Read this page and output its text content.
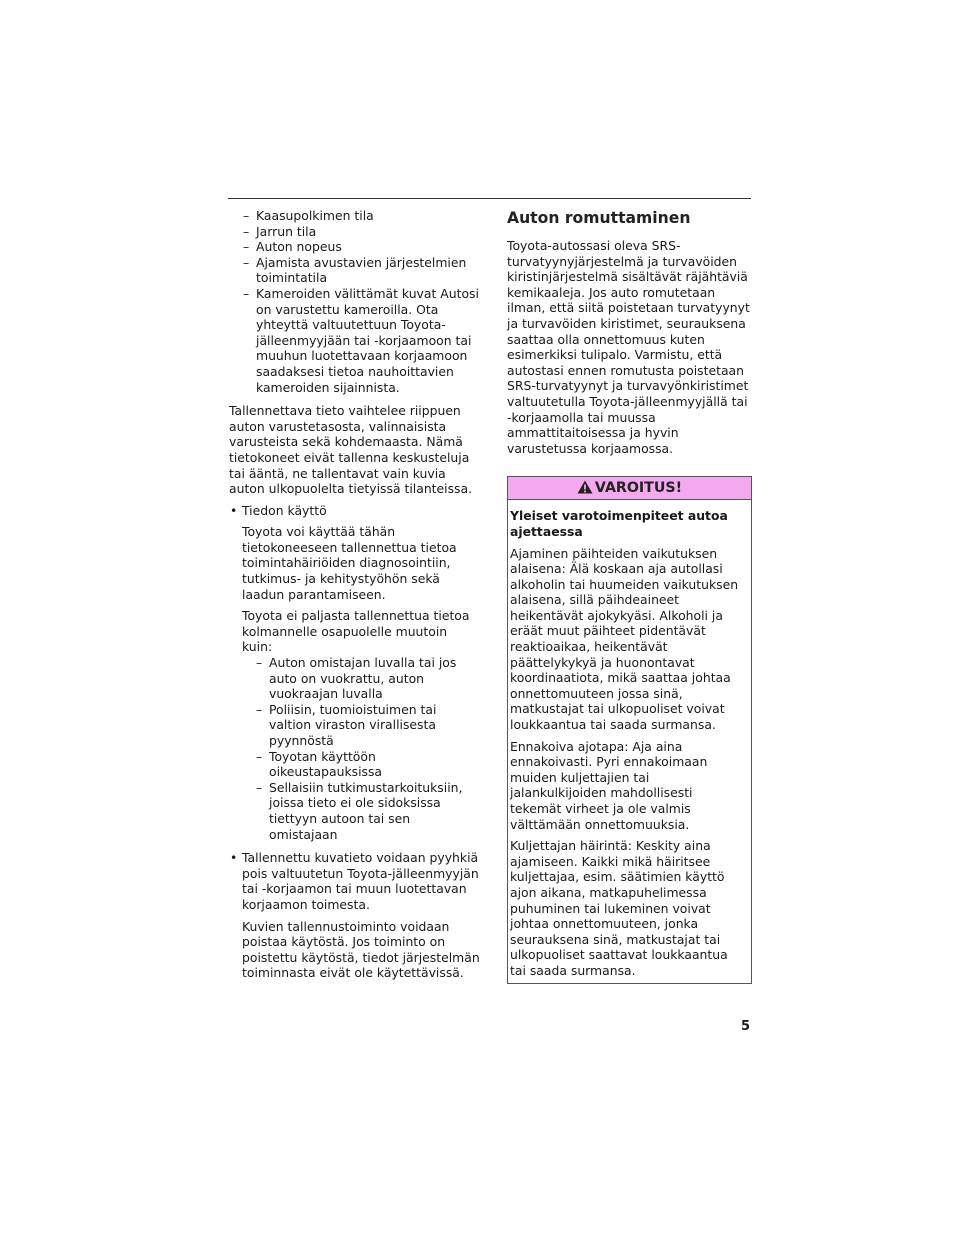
– Kaasupolkimen tila
– Jarrun tila
– Auton nopeus
– Ajamista avustavien järjestelmien toimintatila
– Kameroiden välittämät kuvat Autosi on varustettu kameroilla. Ota yhteyttä valtuutettuun Toyota-jälleenmyyjään tai -korjaamoon tai muuhun luotettavaan korjaamoon saadaksesi tietoa nauhoittavien kameroiden sijainnista.
Tallennettava tieto vaihtelee riippuen auton varustetasosta, valinnaisista varusteista sekä kohdemaasta. Nämä tietokoneet eivät tallenna keskusteluja tai ääntä, ne tallentavat vain kuvia auton ulkopuolelta tietyissä tilanteissa.
• Tiedon käyttö
Toyota voi käyttää tähän tietokoneeseen tallennettua tietoa toimintahäiriöiden diagnosointiin, tutkimus- ja kehitystyöhön sekä laadun parantamiseen.
Toyota ei paljasta tallennettua tietoa kolmannelle osapuolelle muutoin kuin:
– Auton omistajan luvalla tai jos auto on vuokrattu, auton vuokraajan luvalla
– Poliisin, tuomioistuimen tai valtion viraston virallisesta pyynnöstä
– Toyotan käyttöön oikeustapauksissa
– Sellaisiin tutkimustarkoituksiin, joissa tieto ei ole sidoksissa tiettyyn autoon tai sen omistajaan
• Tallennettu kuvatieto voidaan pyyhkiä pois valtuutetun Toyota-jälleenmyyjän tai -korjaamon tai muun luotettavan korjaamon toimesta.
Kuvien tallennustoiminto voidaan poistaa käytöstä. Jos toiminto on poistettu käytöstä, tiedot järjestelmän toiminnasta eivät ole käytettävissä.
Auton romuttaminen
Toyota-autossasi oleva SRS-turvatyynyjärjestelmä ja turvavöiden kiristinjärjestelmä sisältävät räjähtäviä kemikaaleja. Jos auto romutetaan ilman, että siitä poistetaan turvatyynyt ja turvavöiden kiristimet, seurauksena saattaa olla onnettomuus kuten esimerkiksi tulipalo. Varmistu, että autostasi ennen romutusta poistetaan SRS-turvatyynyt ja turvavyönkiristimet valtuutetulla Toyota-jälleenmyyjällä tai -korjaamolla tai muussa ammattitaitoisessa ja hyvin varustetussa korjaamossa.
VAROITUS!
Yleiset varotoimenpiteet autoa ajettaessa
Ajaminen päihteiden vaikutuksen alaisena: Älä koskaan aja autollasi alkoholin tai huumeiden vaikutuksen alaisena, sillä päihdeaineet heikentävät ajokykyäsi. Alkoholi ja eräät muut päihteet pidentävät reaktioaikaa, heikentävät päättelykykyä ja huonontavat koordinaatiota, mikä saattaa johtaa onnettomuuteen jossa sinä, matkustajat tai ulkopuoliset voivat loukkaantua tai saada surmansa.
Ennakoiva ajotapa: Aja aina ennakoivasti. Pyri ennakoimaan muiden kuljettajien tai jalankulkijoiden mahdollisesti tekemät virheet ja ole valmis välttämään onnettomuuksia.
Kuljettajan häirintä: Keskity aina ajamiseen. Kaikki mikä häiritsee kuljettajaa, esim. säätimien käyttö ajon aikana, matkapuhelimessa puhuminen tai lukeminen voivat johtaa onnettomuuteen, jonka seurauksena sinä, matkustajat tai ulkopuoliset saattavat loukkaantua tai saada surmansa.
5
